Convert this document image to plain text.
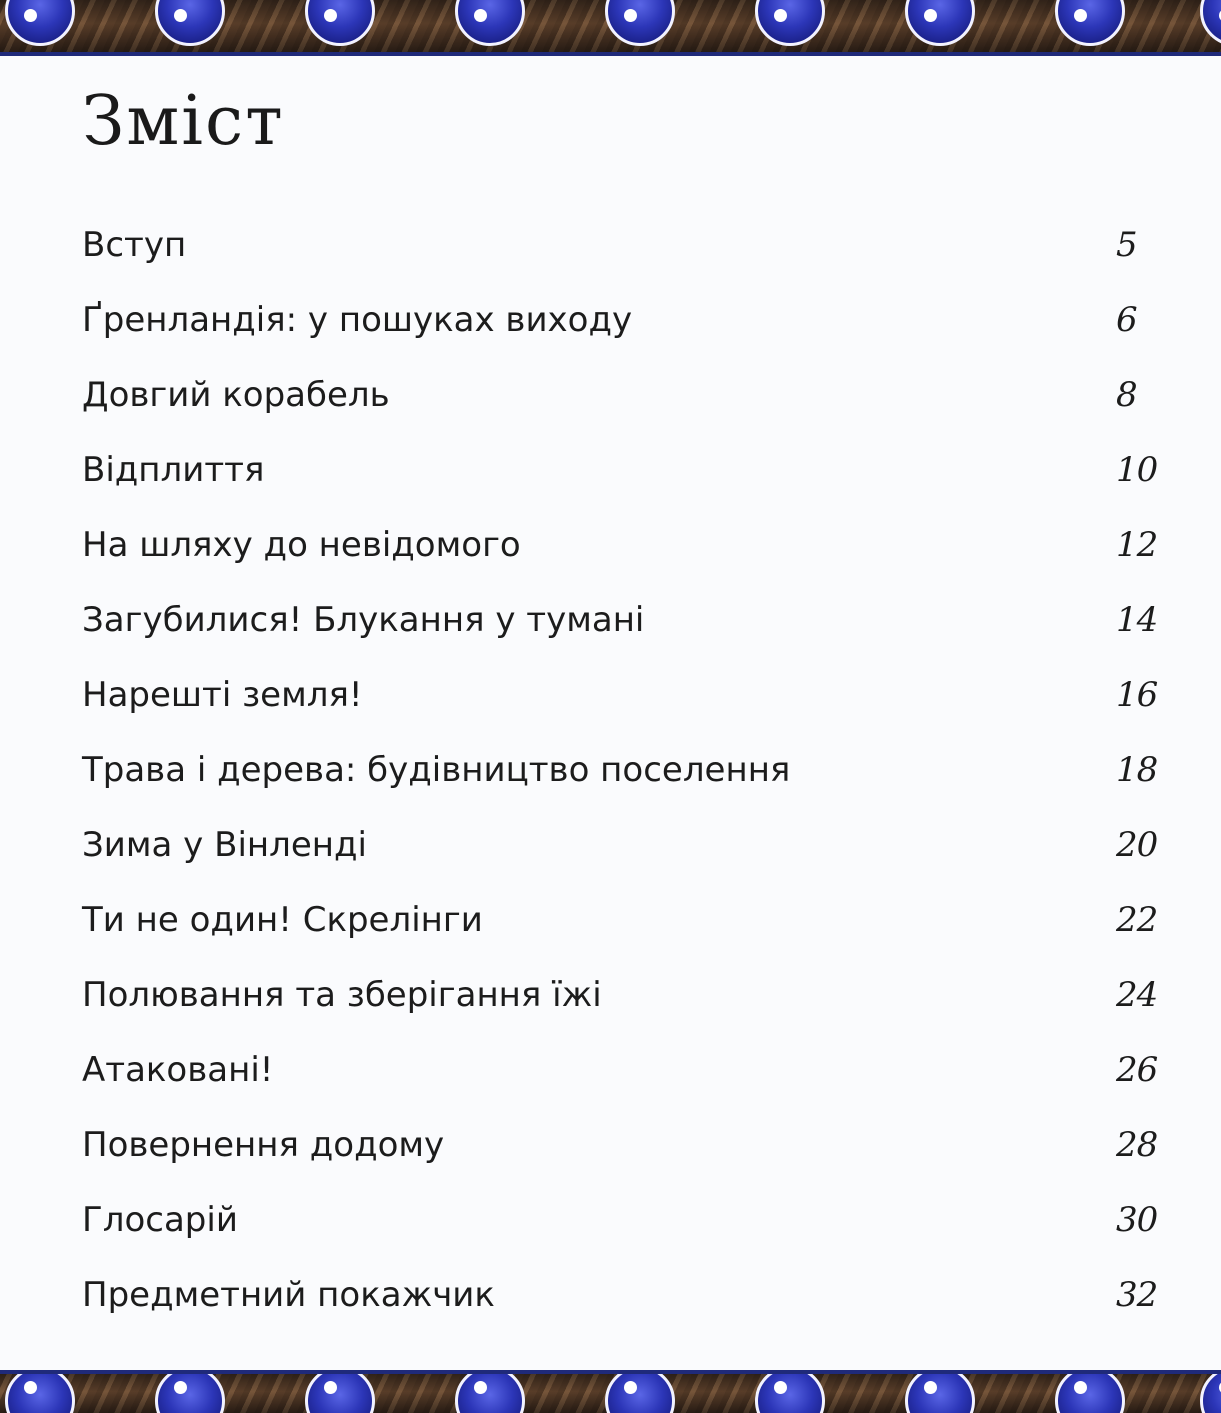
Зміст
Вступ	5
Ґренландія: у пошуках виходу	6
Довгий корабель	8
Відплиття	10
На шляху до невідомого	12
Загубилися! Блукання у тумані	14
Нарешті земля!	16
Трава і дерева: будівництво поселення	18
Зима у Вінленді	20
Ти не один! Скрелінги	22
Полювання та зберігання їжі	24
Атаковані!	26
Повернення додому	28
Глосарій	30
Предметний покажчик	32
